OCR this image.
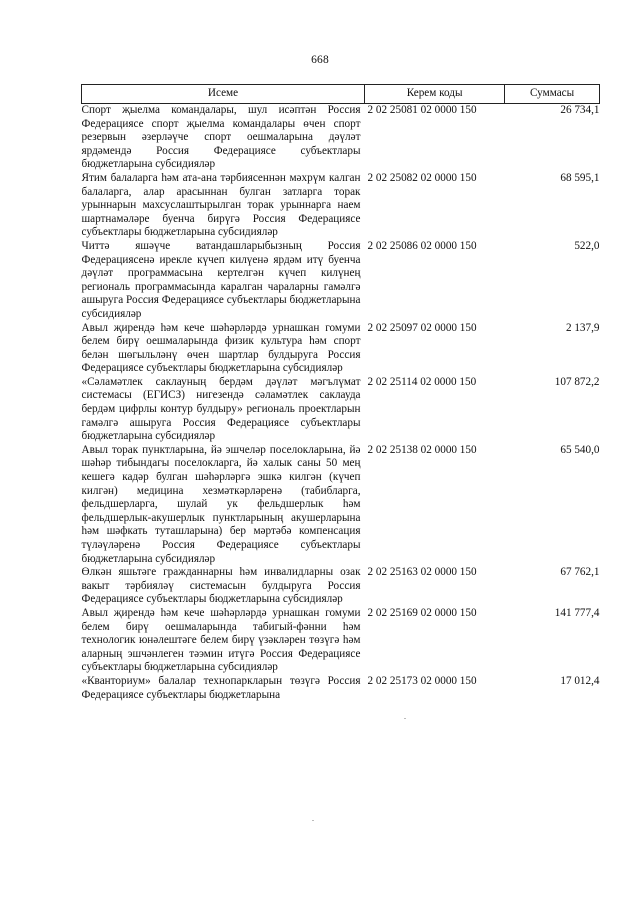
668
Исеме	Керем коды	Суммасы
Спорт җыелма командалары, шул исәптән Россия Федерациясе спорт җыелма командалары өчен спорт резервын әзерләүче спорт оешмаларына дәүләт ярдәмендә Россия Федерациясе субъектлары бюджетларына субсидияләр	2 02 25081 02 0000 150	26 734,1
Ятим балаларга һәм ата-ана тәрбиясеннән мәхрүм калган балаларга, алар арасыннан булган затларга торак урыннарын махсуслаштырылган торак урыннарга наем шартнамәләре буенча бирүгә Россия Федерациясе субъектлары бюджетларына субсидияләр	2 02 25082 02 0000 150	68 595,1
Читтә яшәүче ватандашларыбызның Россия Федерациясенә ирекле күчеп килүенә ярдәм итү буенча дәүләт программасына кертелгән күчеп килүнең региональ программасында каралган чараларны гамәлгә ашыруга Россия Федерациясе субъектлары бюджетларына субсидияләр	2 02 25086 02 0000 150	522,0
Авыл җирендә һәм кече шәһәрләрдә урнашкан гомуми белем бирү оешмаларында физик культура һәм спорт белән шөгыльләнү өчен шартлар булдыруга Россия Федерациясе субъектлары бюджетларына субсидияләр	2 02 25097 02 0000 150	2 137,9
«Сәламәтлек саклауның бердәм дәүләт мәгълүмат системасы (ЕГИСЗ) нигезендә сәламәтлек саклауда бердәм цифрлы контур булдыру» региональ проектларын гамәлгә ашыруга Россия Федерациясе субъектлары бюджетларына субсидияләр	2 02 25114 02 0000 150	107 872,2
Авыл торак пунктларына, йә эшчеләр поселокларына, йә шәһәр тибындагы поселокларга, йә халык саны 50 мең кешегә кадәр булган шәһәрләргә эшкә килгән (күчеп килгән) медицина хезмәткәрләренә (табибларга, фельдшерларга, шулай ук фельдшерлык һәм фельдшерлык-акушерлык пунктларының акушерларына һәм шәфкать туташларына) бер мәртәбә компенсация түләүләренә Россия Федерациясе субъектлары бюджетларына субсидияләр	2 02 25138 02 0000 150	65 540,0
Өлкән яшьтәге гражданнарны һәм инвалидларны озак вакыт тәрбияләү системасын булдыруга Россия Федерациясе субъектлары бюджетларына субсидияләр	2 02 25163 02 0000 150	67 762,1
Авыл җирендә һәм кече шәһәрләрдә урнашкан гомуми белем бирү оешмаларында табигый-фәнни һәм технологик юнәлештәге белем бирү үзәкләрен төзүгә һәм аларның эшчәнлеген тәэмин итүгә Россия Федерациясе субъектлары бюджетларына субсидияләр	2 02 25169 02 0000 150	141 777,4
«Кванториум» балалар технопаркларын төзүгә Россия Федерациясе субъектлары бюджетларына	2 02 25173 02 0000 150	17 012,4
